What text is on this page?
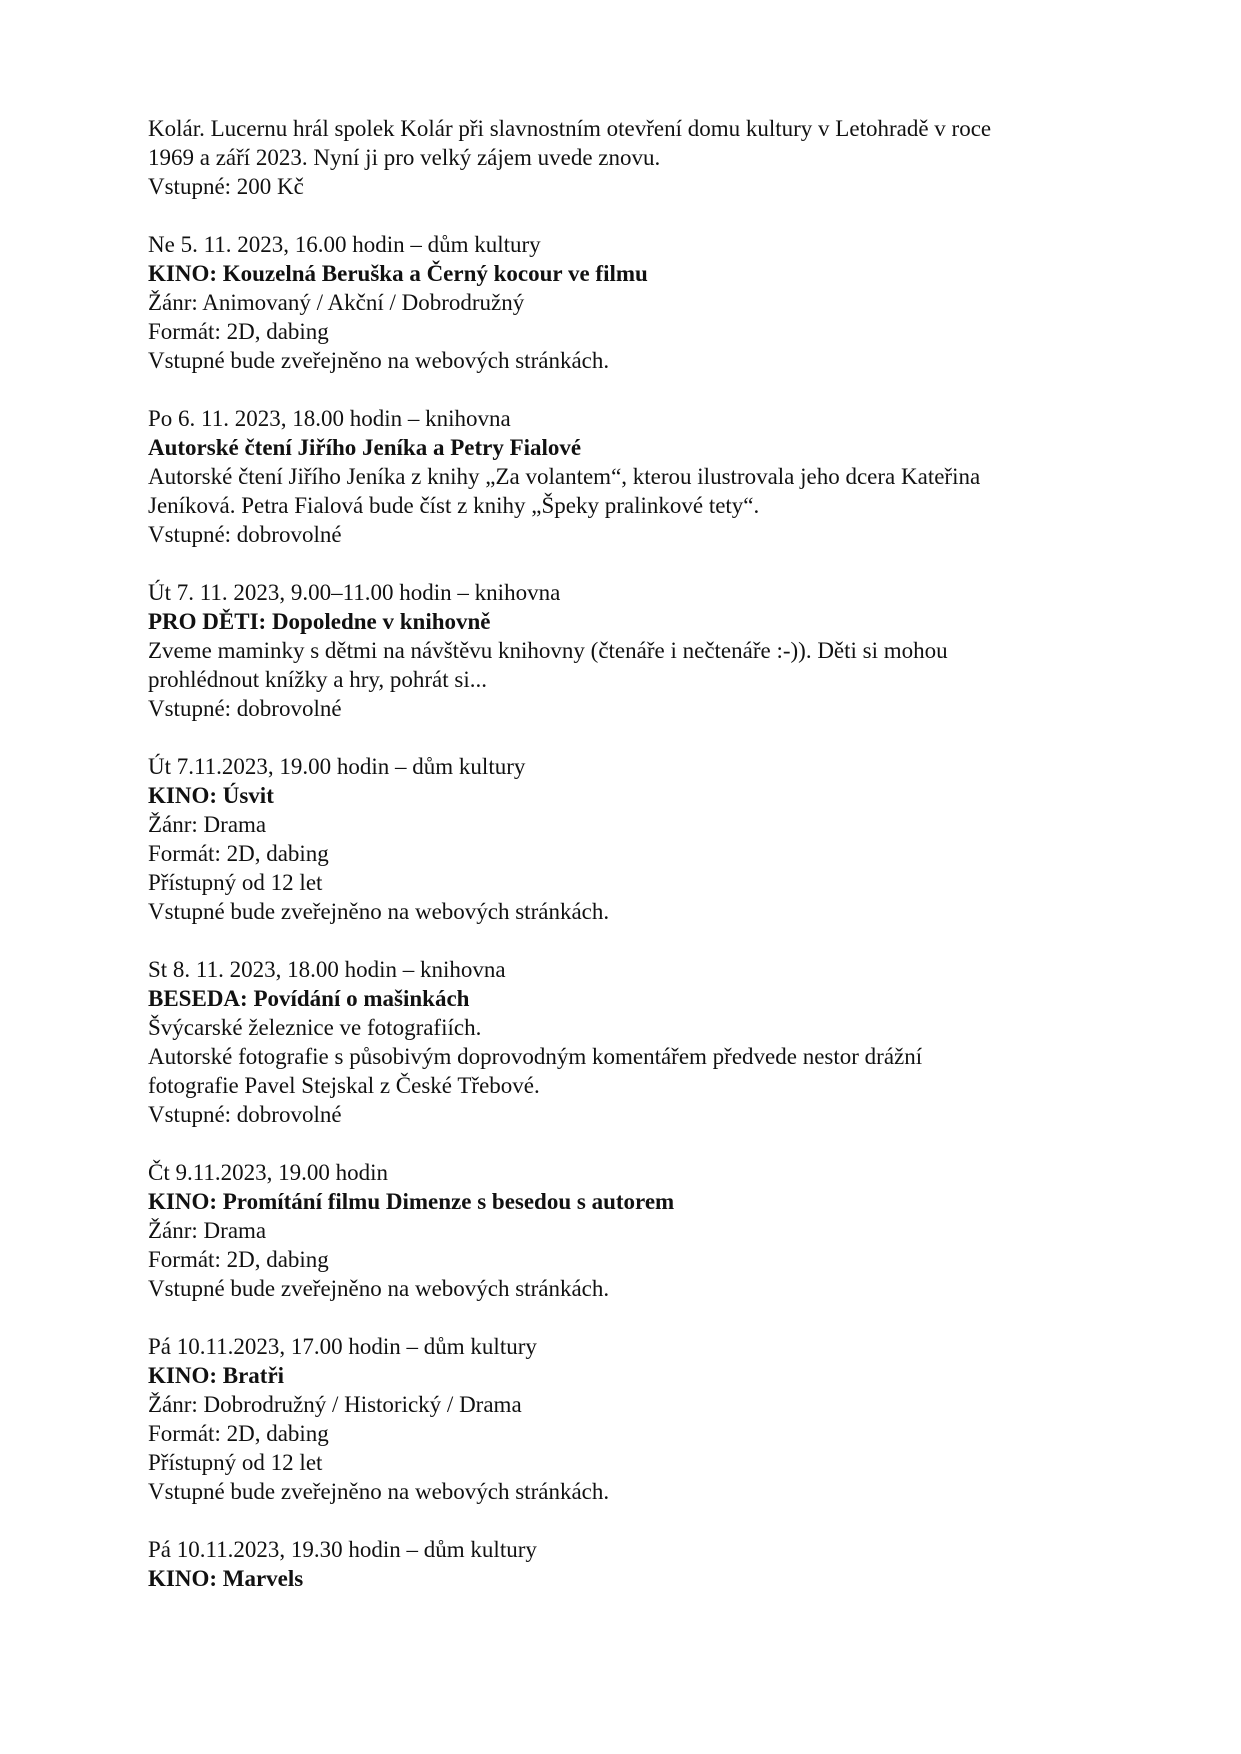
Kolár. Lucernu hrál spolek Kolár při slavnostním otevření domu kultury v Letohradě v roce
1969 a září 2023. Nyní ji pro velký zájem uvede znovu.
Vstupné: 200 Kč
Ne 5. 11. 2023, 16.00 hodin – dům kultury
KINO: Kouzelná Beruška a Černý kocour ve filmu
Žánr: Animovaný / Akční / Dobrodružný
Formát: 2D, dabing
Vstupné bude zveřejněno na webových stránkách.
Po 6. 11. 2023, 18.00 hodin – knihovna
Autorské čtení Jiřího Jeníka a Petry Fialové
Autorské čtení Jiřího Jeníka z knihy „Za volantem“, kterou ilustrovala jeho dcera Kateřina
Jeníková. Petra Fialová bude číst z knihy „Špeky pralinkové tety“.
Vstupné: dobrovolné
Út 7. 11. 2023, 9.00–11.00 hodin – knihovna
PRO DĚTI: Dopoledne v knihovně
Zveme maminky s dětmi na návštěvu knihovny (čtenáře i nečtenáře :-)). Děti si mohou
prohlédnout knížky a hry, pohrát si...
Vstupné: dobrovolné
Út 7.11.2023, 19.00 hodin – dům kultury
KINO: Úsvit
Žánr: Drama
Formát: 2D, dabing
Přístupný od 12 let
Vstupné bude zveřejněno na webových stránkách.
St 8. 11. 2023, 18.00 hodin – knihovna
BESEDA: Povídání o mašinkách
Švýcarské železnice ve fotografiích.
Autorské fotografie s působivým doprovodným komentářem předvede nestor drážní
fotografie Pavel Stejskal z České Třebové.
Vstupné: dobrovolné
Čt 9.11.2023, 19.00 hodin
KINO: Promítání filmu Dimenze s besedou s autorem
Žánr: Drama
Formát: 2D, dabing
Vstupné bude zveřejněno na webových stránkách.
Pá 10.11.2023, 17.00 hodin – dům kultury
KINO: Bratři
Žánr: Dobrodružný / Historický / Drama
Formát: 2D, dabing
Přístupný od 12 let
Vstupné bude zveřejněno na webových stránkách.
Pá 10.11.2023, 19.30 hodin – dům kultury
KINO: Marvels
